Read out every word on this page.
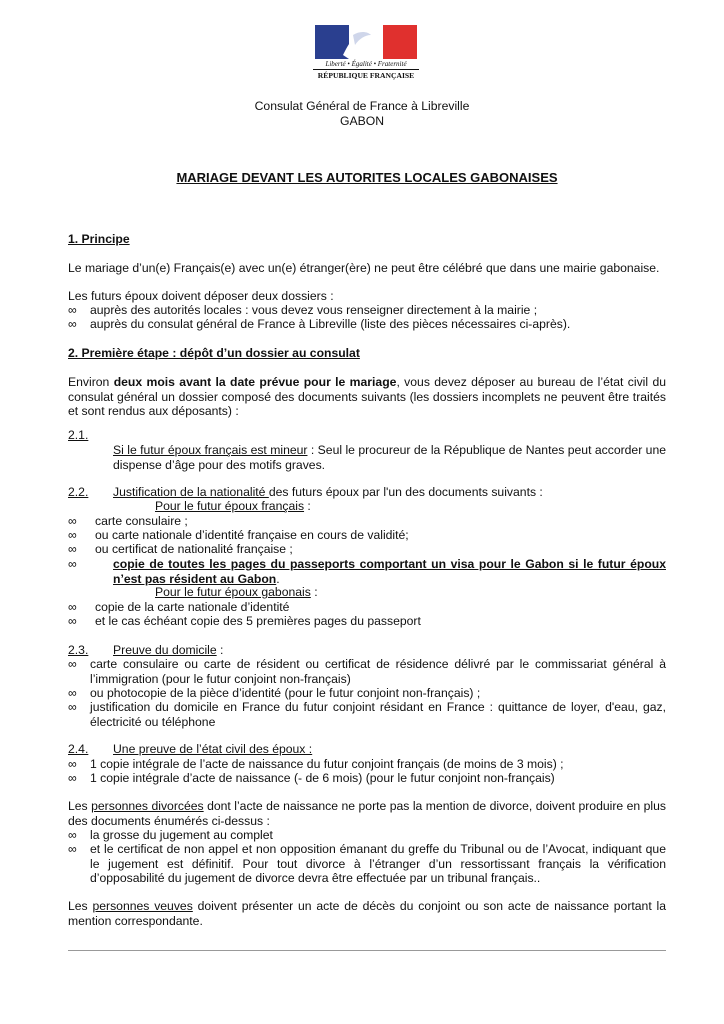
Liberté • Égalité • Fraternité
RÉPUBLIQUE FRANÇAISE
Consulat Général de France à Libreville
GABON
MARIAGE DEVANT LES AUTORITES LOCALES GABONAISES
1. Principe
Le mariage d’un(e) Français(e) avec un(e) étranger(ère) ne peut être célébré que dans une mairie gabonaise.
Les futurs époux doivent déposer deux dossiers :
∞ auprès des autorités locales : vous devez vous renseigner directement à la mairie ;
∞ auprès du consulat général de France à Libreville (liste des pièces nécessaires ci-après).
2. Première étape : dépôt d’un dossier au consulat
Environ deux mois avant la date prévue pour le mariage, vous devez déposer au bureau de l’état civil du consulat général un dossier composé des documents suivants (les dossiers incomplets ne peuvent être traités et sont rendus aux déposants) :
2.1.
Si le futur époux français est mineur : Seul le procureur de la République de Nantes peut accorder une dispense d’âge pour des motifs graves.
2.2. Justification de la nationalité des futurs époux par l'un des documents suivants :
Pour le futur époux français :
∞ carte consulaire ;
∞ ou carte nationale d’identité française en cours de validité;
∞ ou certificat de nationalité française ;
∞	copie de toutes les pages du passeports comportant un visa pour le Gabon si le futur époux n’est pas résident au Gabon.
Pour le futur époux gabonais :
∞ copie de la carte nationale d’identité
∞ et le cas échéant copie des 5 premières pages du passeport
2.3. Preuve du domicile :
∞ carte consulaire ou carte de résident ou certificat de résidence délivré par le commissariat général à l’immigration (pour le futur conjoint non-français)
∞ ou photocopie de la pièce d’identité (pour le futur conjoint non-français) ;
∞ justification du domicile en France du futur conjoint résidant en France : quittance de loyer, d'eau, gaz, électricité ou téléphone
2.4. Une preuve de l’état civil des époux :
∞ 1 copie intégrale de l’acte de naissance du futur conjoint français (de moins de 3 mois) ;
∞ 1 copie intégrale d’acte de naissance (- de 6 mois) (pour le futur conjoint non-français)
Les personnes divorcées dont l’acte de naissance ne porte pas la mention de divorce, doivent produire en plus des documents énumérés ci-dessus :
∞ la grosse du jugement au complet
∞ et le certificat de non appel et non opposition émanant du greffe du Tribunal ou de l’Avocat, indiquant que le jugement est définitif. Pour tout divorce à l’étranger d’un ressortissant français la vérification d’opposabilité du jugement de divorce devra être effectuée par un tribunal français..
Les personnes veuves doivent présenter un acte de décès du conjoint ou son acte de naissance portant la mention correspondante.
